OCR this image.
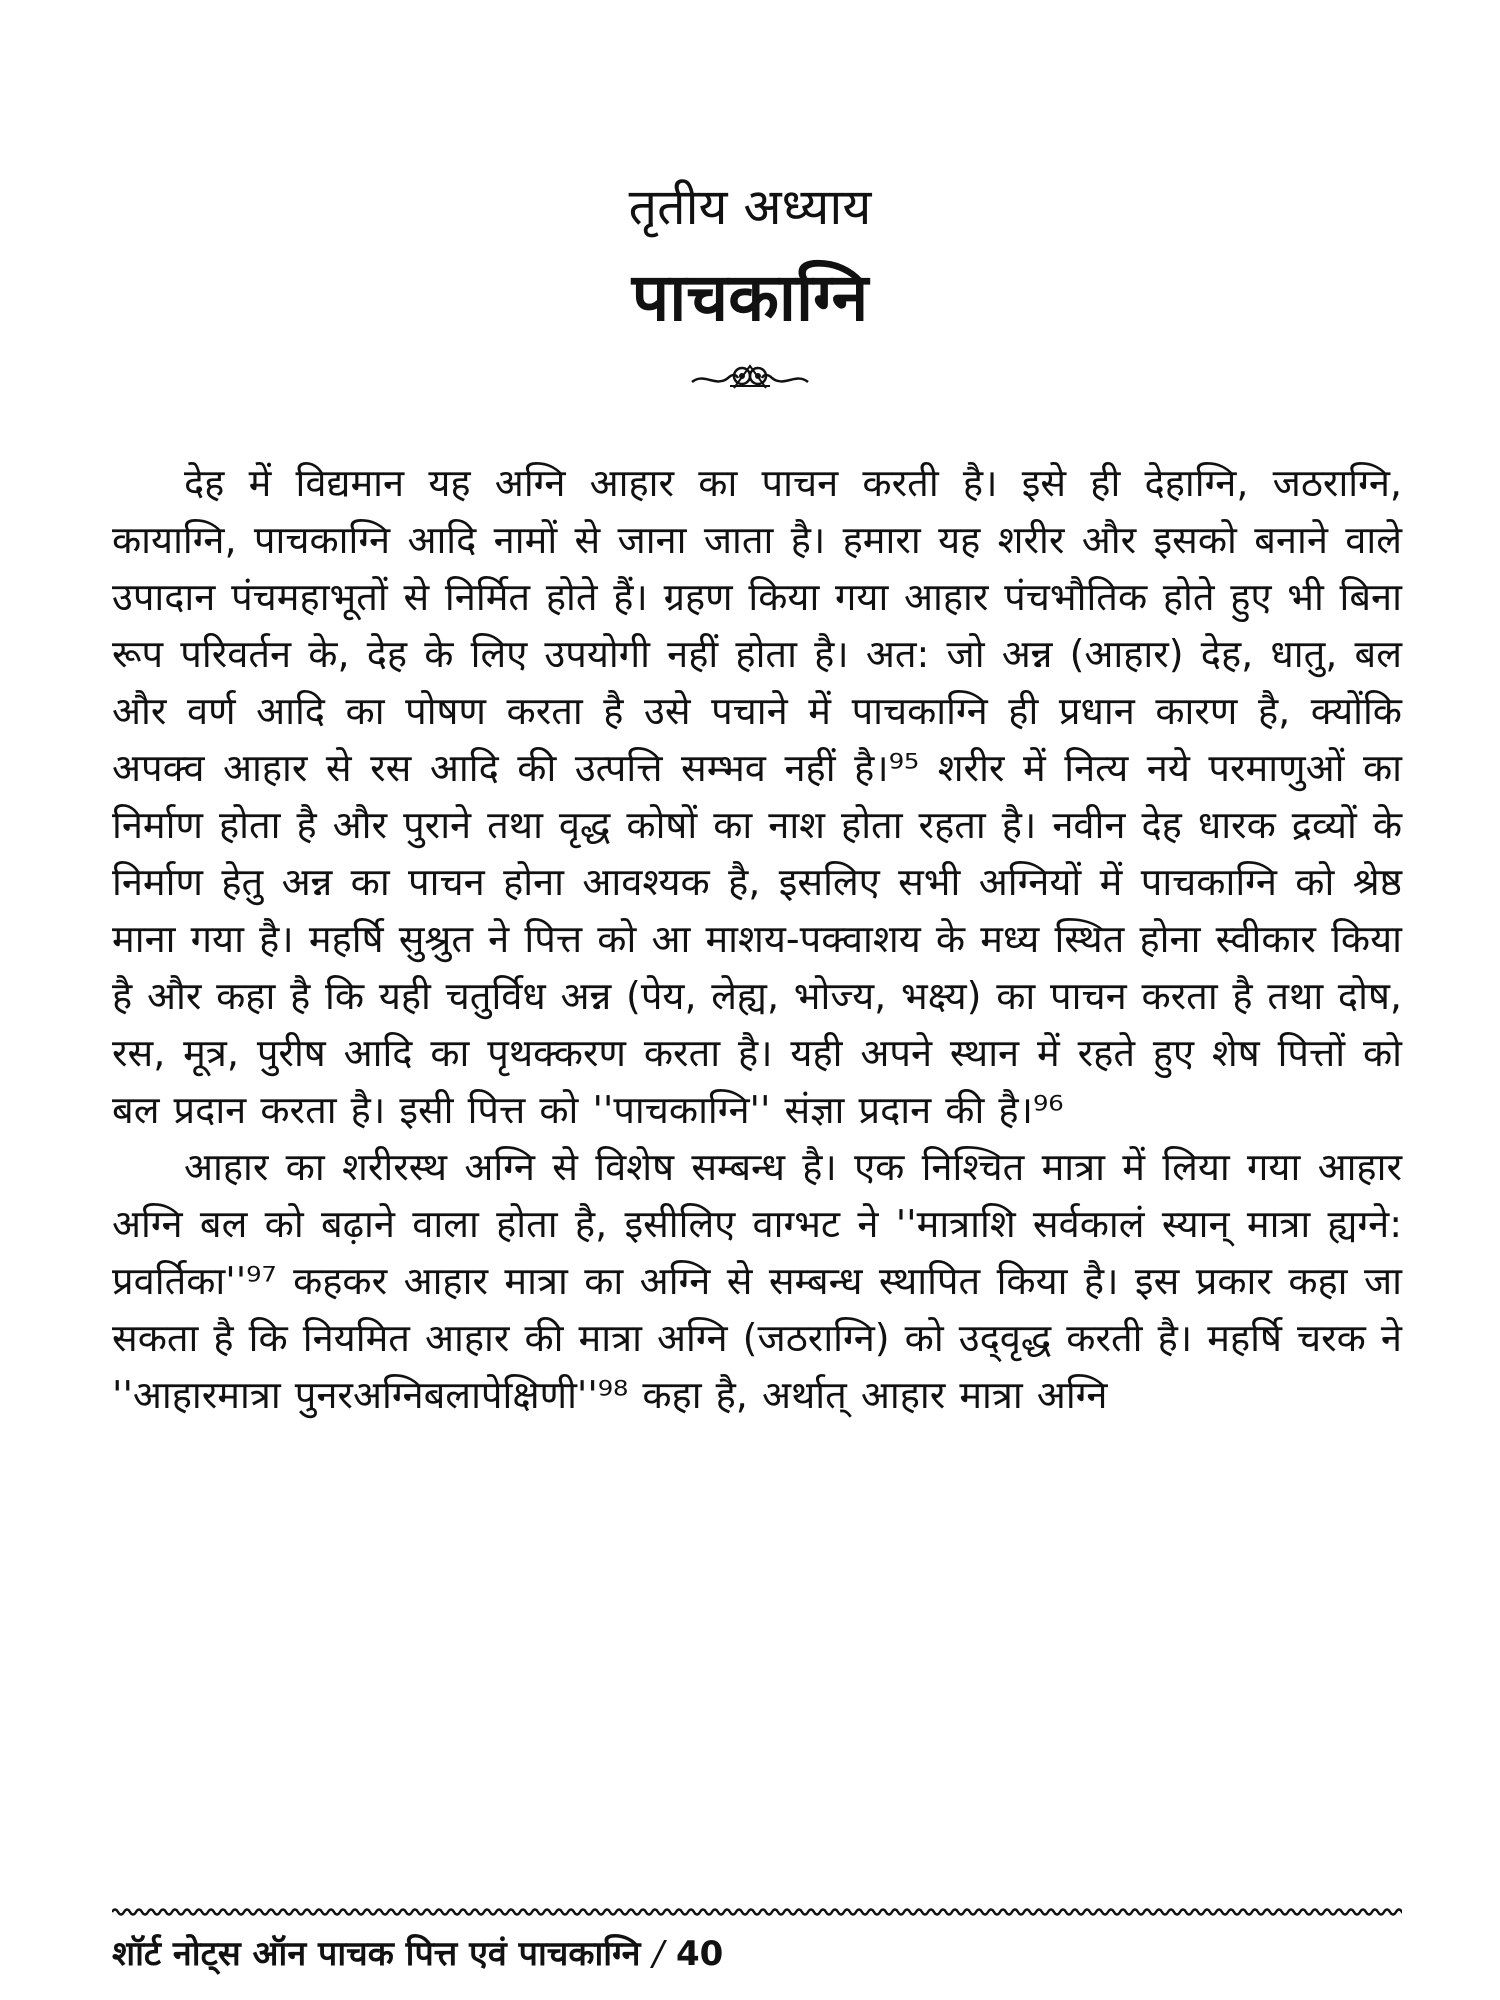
तृतीय अध्याय
पाचकाग्नि

देह में विद्यमान यह अग्नि आहार का पाचन करती है। इसे ही देहाग्नि, जठराग्नि, कायाग्नि, पाचकाग्नि आदि नामों से जाना जाता है। हमारा यह शरीर और इसको बनाने वाले उपादान पंचमहाभूतों से निर्मित होते हैं। ग्रहण किया गया आहार पंचभौतिक होते हुए भी बिना रूप परिवर्तन के, देह के लिए उपयोगी नहीं होता है। अत: जो अन्न (आहार) देह, धातु, बल और वर्ण आदि का पोषण करता है उसे पचाने में पाचकाग्नि ही प्रधान कारण है, क्योंकि अपक्व आहार से रस आदि की उत्पत्ति सम्भव नहीं है।⁹⁵ शरीर में नित्य नये परमाणुओं का निर्माण होता है और पुराने तथा वृद्ध कोषों का नाश होता रहता है। नवीन देह धारक द्रव्यों के निर्माण हेतु अन्न का पाचन होना आवश्यक है, इसलिए सभी अग्नियों में पाचकाग्नि को श्रेष्ठ माना गया है। महर्षि सुश्रुत ने पित्त को आ माशय-पक्वाशय के मध्य स्थित होना स्वीकार किया है और कहा है कि यही चतुर्विध अन्न (पेय, लेह्य, भोज्य, भक्ष्य) का पाचन करता है तथा दोष, रस, मूत्र, पुरीष आदि का पृथक्करण करता है। यही अपने स्थान में रहते हुए शेष पित्तों को बल प्रदान करता है। इसी पित्त को ''पाचकाग्नि'' संज्ञा प्रदान की है।⁹⁶

आहार का शरीरस्थ अग्नि से विशेष सम्बन्ध है। एक निश्चित मात्रा में लिया गया आहार अग्नि बल को बढ़ाने वाला होता है, इसीलिए वाग्भट ने ''मात्राशि सर्वकालं स्यान् मात्रा ह्यग्ने: प्रवर्तिका''⁹⁷ कहकर आहार मात्रा का अग्नि से सम्बन्ध स्थापित किया है। इस प्रकार कहा जा सकता है कि नियमित आहार की मात्रा अग्नि (जठराग्नि) को उद्‌वृद्ध करती है। महर्षि चरक ने ''आहारमात्रा पुनरअग्निबलापेक्षिणी''⁹⁸ कहा है, अर्थात् आहार मात्रा अग्नि

शॉर्ट नोट्स ऑन पाचक पित्त एवं पाचकाग्नि / 40
